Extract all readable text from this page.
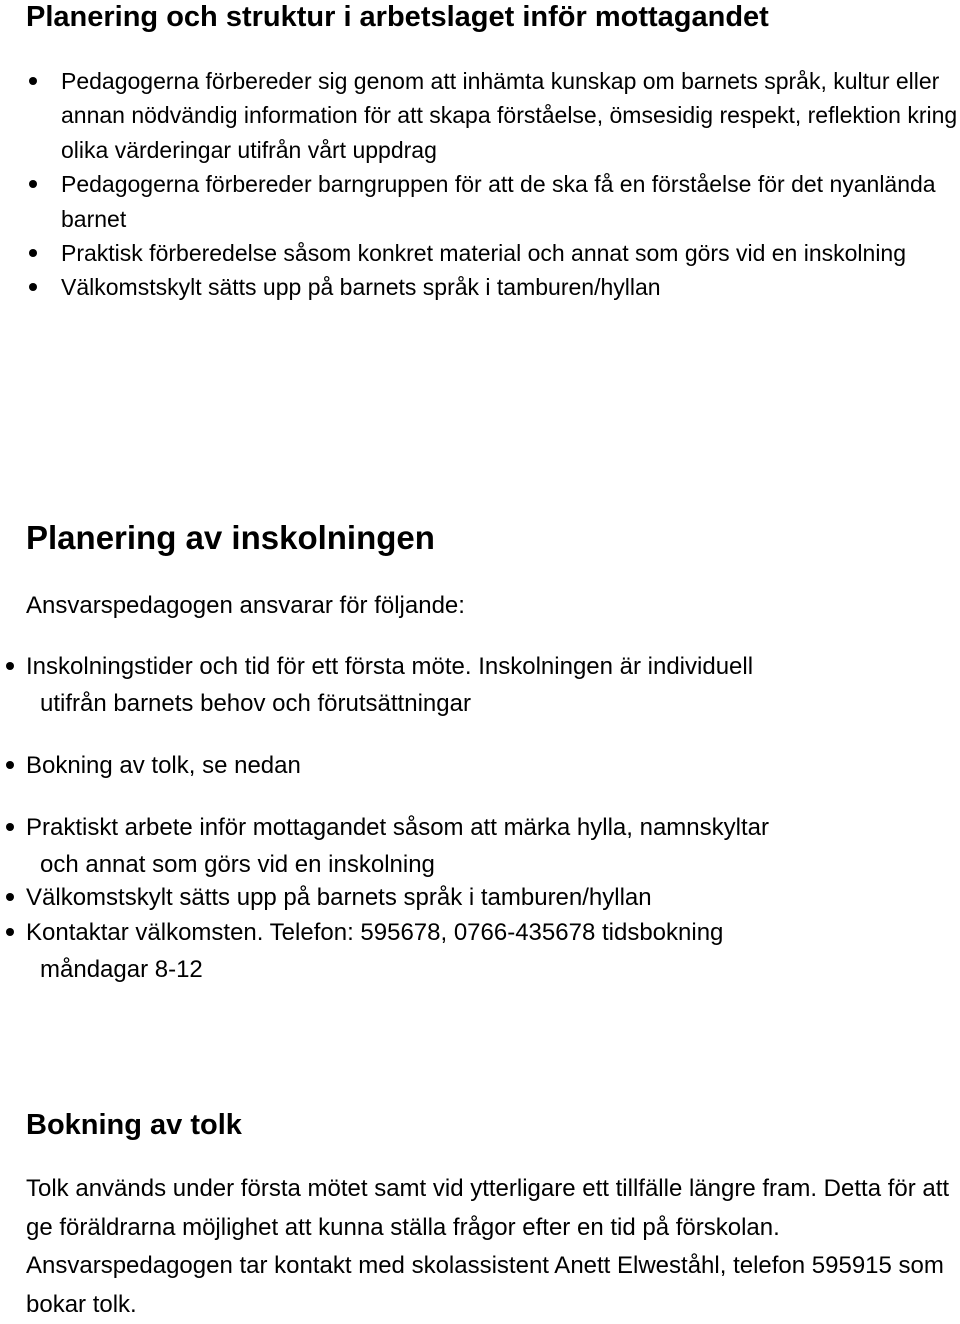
Planering och struktur i arbetslaget inför mottagandet
Pedagogerna förbereder sig genom att inhämta kunskap om barnets språk, kultur eller annan nödvändig information för att skapa förståelse, ömsesidig respekt, reflektion kring olika värderingar utifrån vårt uppdrag
Pedagogerna förbereder barngruppen för att de ska få en förståelse för det nyanlända barnet
Praktisk förberedelse såsom konkret material och annat som görs vid en inskolning
Välkomstskylt sätts upp på barnets språk i tamburen/hyllan
Planering av inskolningen

Ansvarspedagogen ansvarar för följande:

Inskolningstider och tid för ett första möte. Inskolningen är individuell
utifrån barnets behov och förutsättningar
Bokning av tolk, se nedan
Praktiskt arbete inför mottagandet såsom att märka hylla, namnskyltar
och annat som görs vid en inskolning
Välkomstskylt sätts upp på barnets språk i tamburen/hyllan
Kontaktar välkomsten. Telefon: 595678, 0766-435678 tidsbokning
måndagar 8-12
Bokning av tolk

Tolk används under första mötet samt vid ytterligare ett tillfälle längre fram. Detta för att ge föräldrarna möjlighet att kunna ställa frågor efter en tid på förskolan. Ansvarspedagogen tar kontakt med skolassistent Anett Elweståhl, telefon 595915 som bokar tolk.
